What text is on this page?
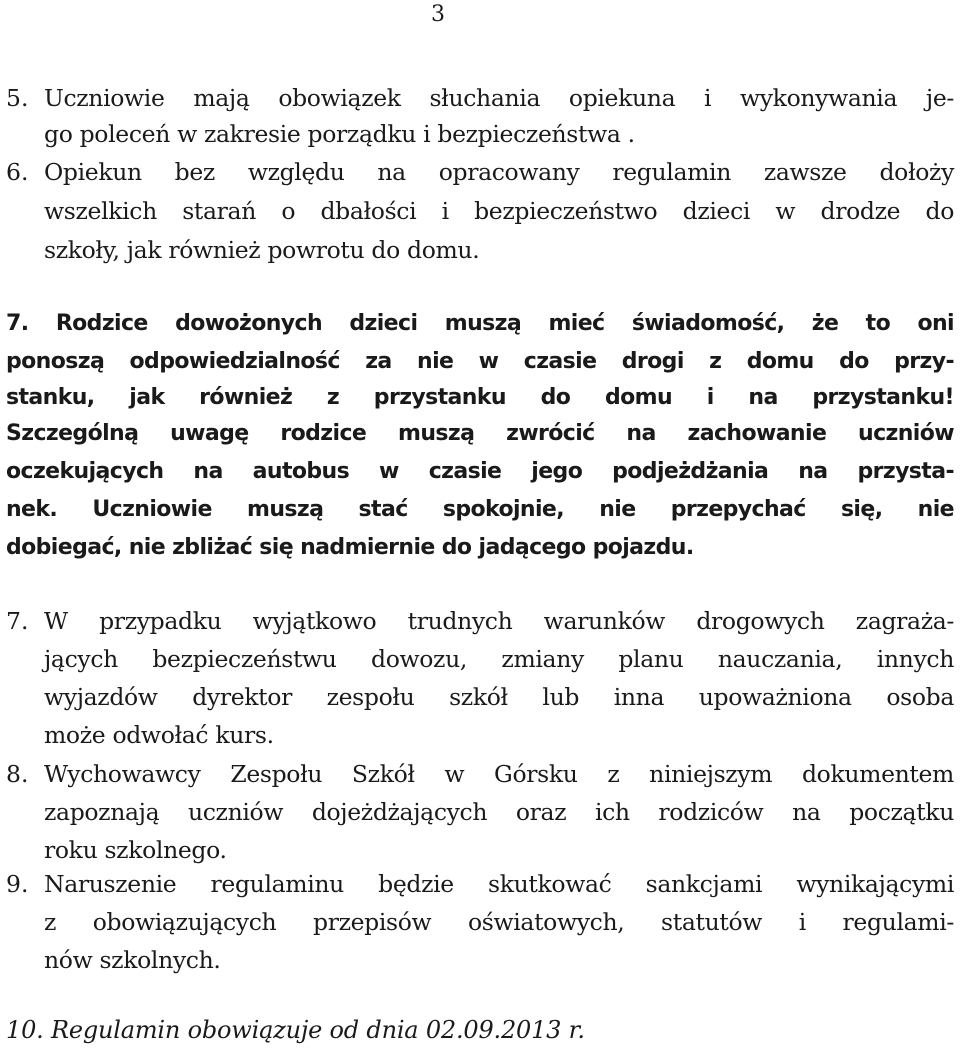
3
5. Uczniowie mają obowiązek słuchania opiekuna i wykonywania je-
go poleceń w zakresie porządku i bezpieczeństwa .
6. Opiekun bez względu na opracowany regulamin zawsze dołoży
wszelkich starań o dbałości i bezpieczeństwo dzieci w drodze do
szkoły, jak również powrotu do domu.
7. Rodzice dowożonych dzieci muszą mieć świadomość, że to oni
ponoszą odpowiedzialność za nie w czasie drogi z domu do przy-
stanku, jak również z przystanku do domu i na przystanku!
Szczególną uwagę rodzice muszą zwrócić na zachowanie uczniów
oczekujących na autobus w czasie jego podjeżdżania na przysta-
nek. Uczniowie muszą stać spokojnie, nie przepychać się, nie
dobiegać, nie zbliżać się nadmiernie do jadącego pojazdu.
7. W przypadku wyjątkowo trudnych warunków drogowych zagraża-
jących bezpieczeństwu dowozu, zmiany planu nauczania, innych
wyjazdów dyrektor zespołu szkół lub inna upoważniona osoba
może odwołać kurs.
8. Wychowawcy Zespołu Szkół w Górsku z niniejszym dokumentem
zapoznają uczniów dojeżdżających oraz ich rodziców na początku
roku szkolnego.
9. Naruszenie regulaminu będzie skutkować sankcjami wynikającymi
z obowiązujących przepisów oświatowych, statutów i regulami-
nów szkolnych.
10. Regulamin obowiązuje od dnia 02.09.2013 r.
